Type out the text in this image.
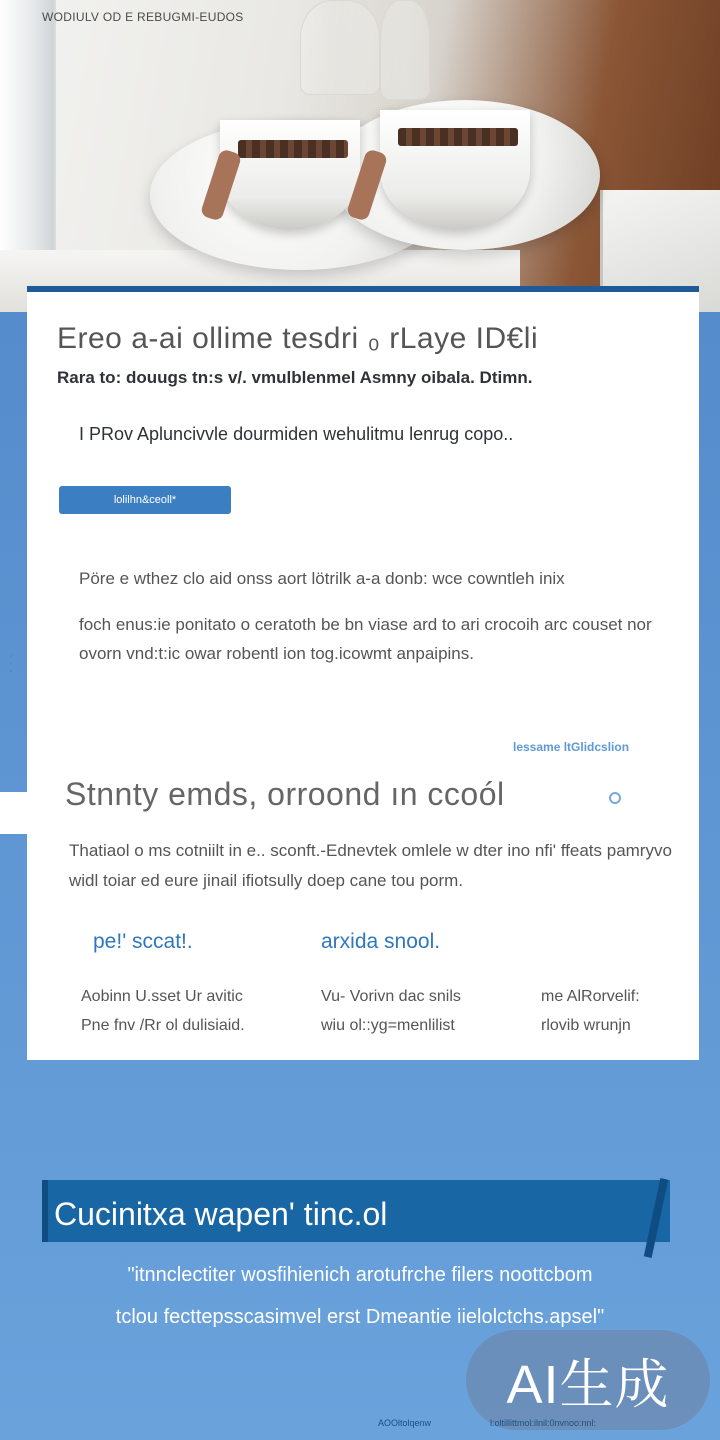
WODIULV OD E REBUGMI-EUDOS
⋮
Ereo a-ai ollime tesdri ₀ rLaye ID€li
Rara to: douugs tn:s v/. vmulblenmel Asmny oibala. Dtimn.
I PRov Apluncivvle dourmiden wehulitmu lenrug copo..
lolilhn&ceoll*
Pöre e wthez clo aid onss aort lötrilk a-a donb: wce cowntleh inix
foch enus:ie ponitato o ceratoth be bn viase ard to ari crocoih arc couset nor ovorn vnd:t:ic owar robentl ion tog.icowmt anpaipins.
lessame ltGlidcslion
Stnnty emds, orroond ın ccoól
Thatiaol o ms cotniilt in e.. sconft.-Ednevtek omlele w dter ino nfi' ffeats pamryvo widl toiar ed eure jinail ifiotsully doep cane tou porm.
pe!' sccat!.	arxida snool.
Aobinn U.sset Ur avitic
Pne fnv /Rr ol dulisiaid.
Vu- Vorivn dac snils
wiu ol::yg=menlilist
me AlRorvelif:
rlovib wrunjn
Cucinitxa wapen' tinc.ol
"itnnclectiter wosfihienich arotufrche filers noottcbom
tclou fecttepsscasimvel erst Dmeantie iielolctchs.apsel"
AI生成
AOOltolqenw	l:oltillittmol:ilnil:0nvnoo:nnl:
